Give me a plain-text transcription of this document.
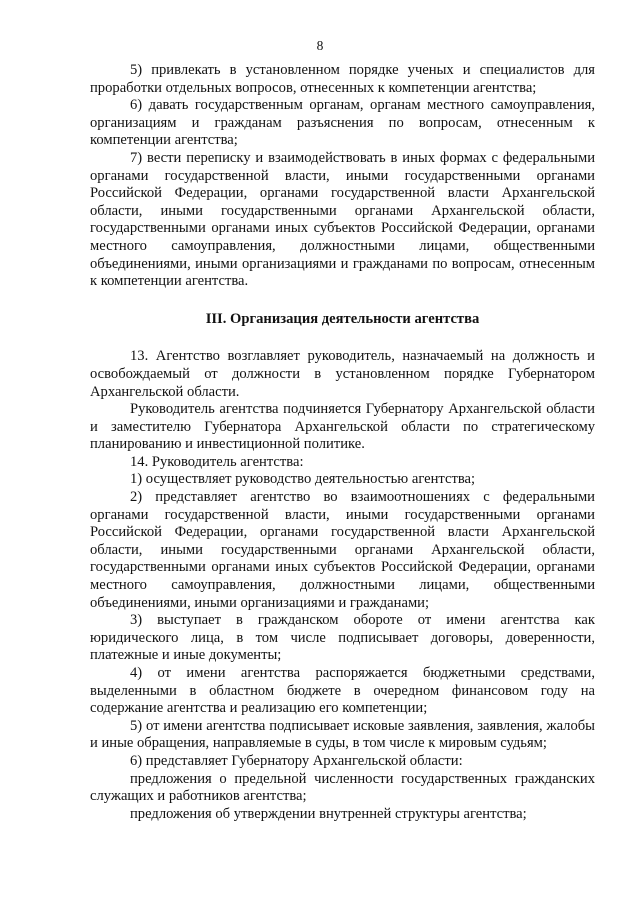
8

5) привлекать в установленном порядке ученых и специалистов для проработки отдельных вопросов, отнесенных к компетенции агентства;

6) давать государственным органам, органам местного самоуправления, организациям и гражданам разъяснения по вопросам, отнесенным к компетенции агентства;

7) вести переписку и взаимодействовать в иных формах с федеральными органами государственной власти, иными государственными органами Российской Федерации, органами государственной власти Архангельской области, иными государственными органами Архангельской области, государственными органами иных субъектов Российской Федерации, органами местного самоуправления, должностными лицами, общественными объединениями, иными организациями и гражданами по вопросам, отнесенным к компетенции агентства.

III. Организация деятельности агентства

13. Агентство возглавляет руководитель, назначаемый на должность и освобождаемый от должности в установленном порядке Губернатором Архангельской области.

Руководитель агентства подчиняется Губернатору Архангельской области и заместителю Губернатора Архангельской области по стратегическому планированию и инвестиционной политике.

14. Руководитель агентства:

1) осуществляет руководство деятельностью агентства;

2) представляет агентство во взаимоотношениях с федеральными органами государственной власти, иными государственными органами Российской Федерации, органами государственной власти Архангельской области, иными государственными органами Архангельской области, государственными органами иных субъектов Российской Федерации, органами местного самоуправления, должностными лицами, общественными объединениями, иными организациями и гражданами;

3) выступает в гражданском обороте от имени агентства как юридического лица, в том числе подписывает договоры, доверенности, платежные и иные документы;

4) от имени агентства распоряжается бюджетными средствами, выделенными в областном бюджете в очередном финансовом году на содержание агентства и реализацию его компетенции;

5) от имени агентства подписывает исковые заявления, заявления, жалобы и иные обращения, направляемые в суды, в том числе к мировым судьям;

6) представляет Губернатору Архангельской области:

предложения о предельной численности государственных гражданских служащих и работников агентства;

предложения об утверждении внутренней структуры агентства;
